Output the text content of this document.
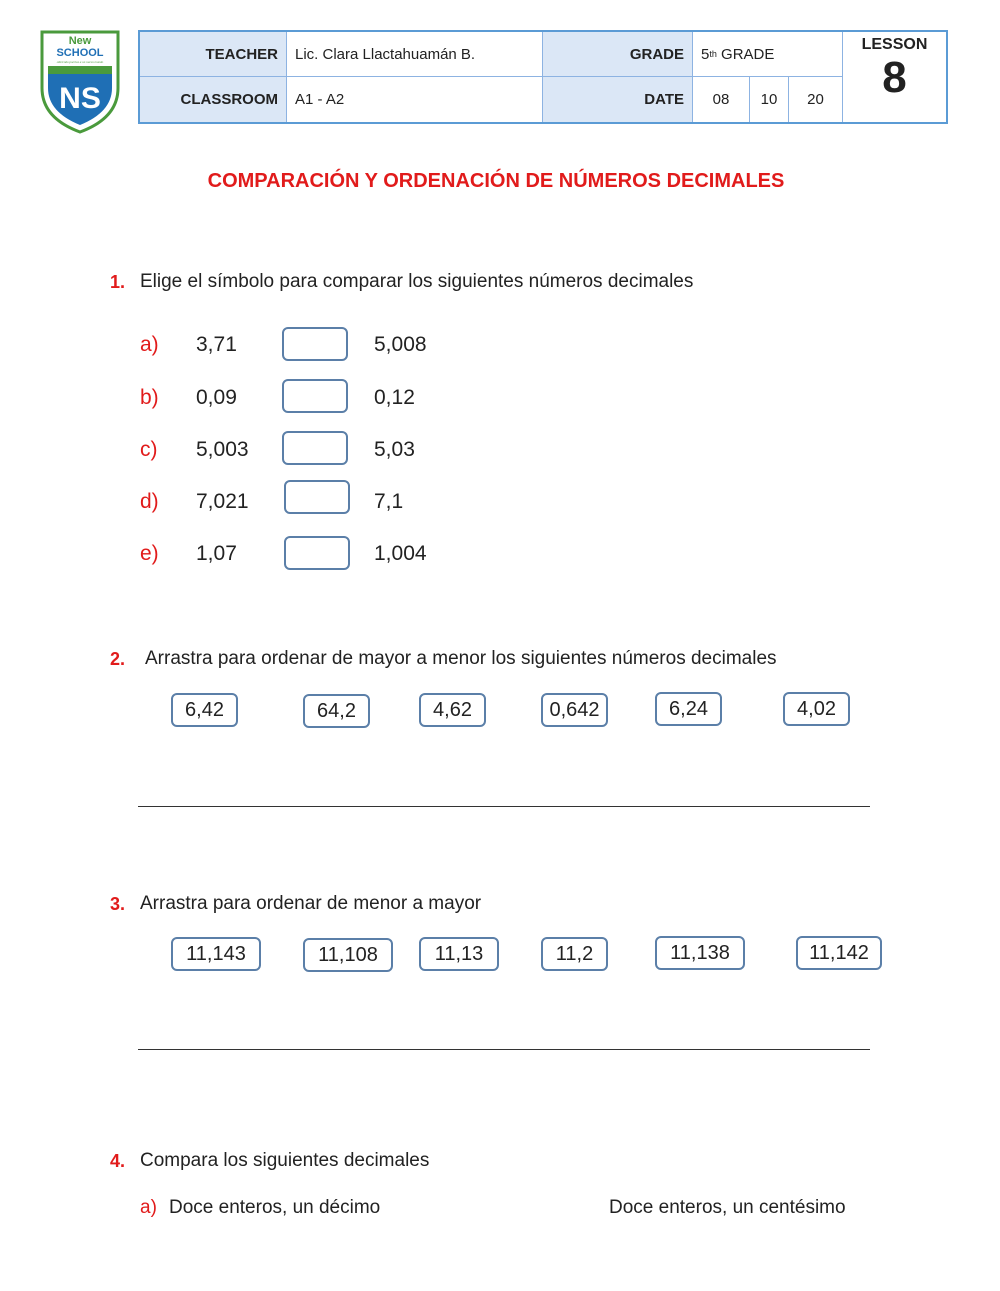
New
SCHOOL
Abriendo puertas a un nuevo mundo
NS
TEACHER	Lic. Clara Llactahuamán B.	GRADE	5 th
GRADE
CLASSROOM	A1 - A2	DATE	08	10	20
LESSON
8
COMPARACIÓN Y ORDENACIÓN DE NÚMEROS DECIMALES
1. Elige el símbolo para comparar los siguientes números decimales
a) 3,71	5,008
b) 0,09	0,12
c) 5,003	5,03
d) 7,021	7,1
e) 1,07	1,004
2. Arrastra para ordenar de mayor a menor los siguientes números decimales
6,42	64,2	4,62	0,642	6,24	4,02
3. Arrastra para ordenar de menor a mayor
11,143	11,108	11,13	11,2	11,138	11,142
4. Compara los siguientes decimales
a) Doce enteros, un décimo	Doce enteros, un centésimo
